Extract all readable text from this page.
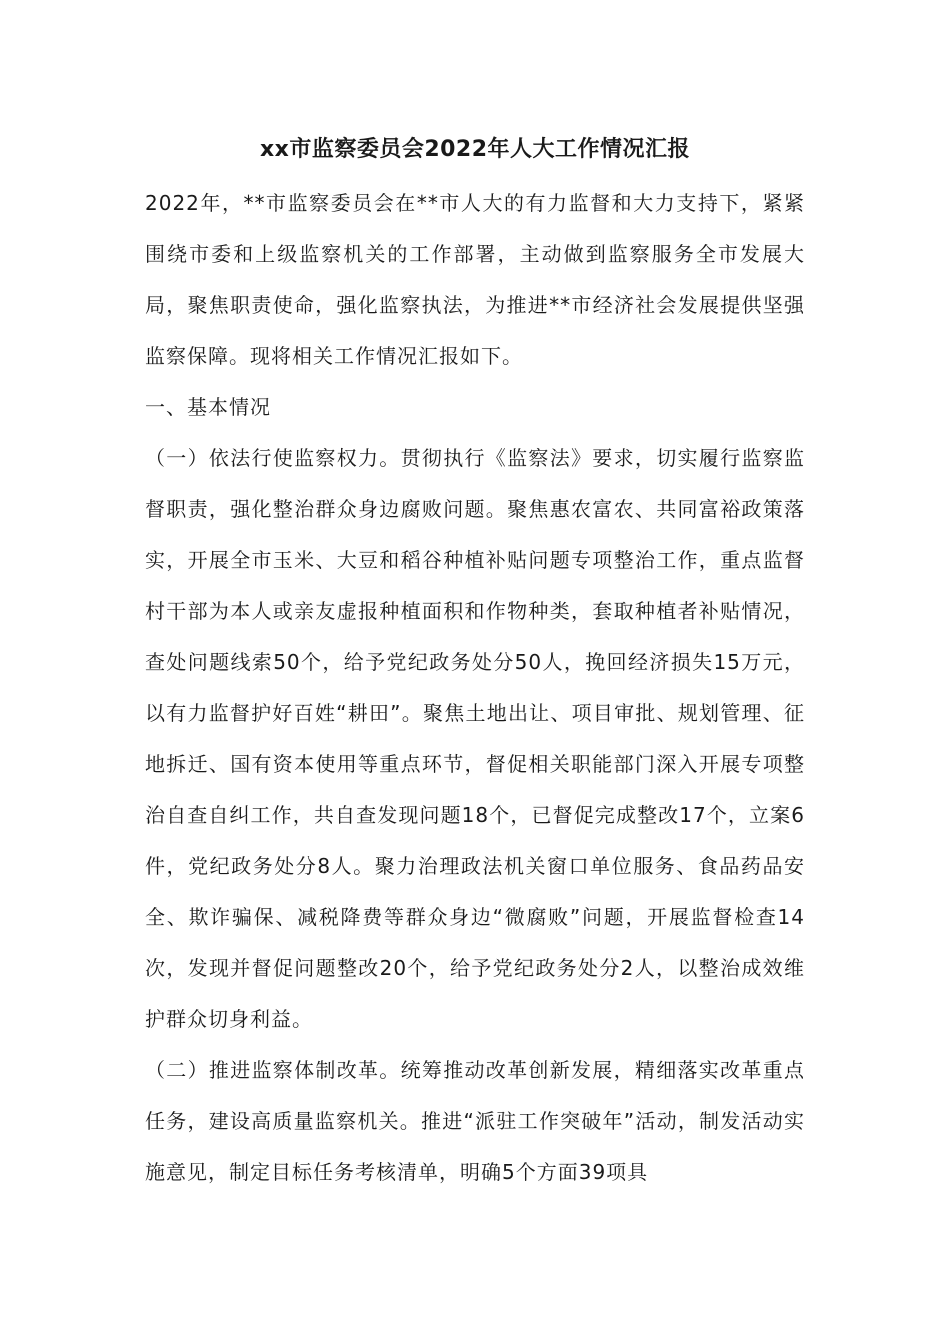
xx市监察委员会2022年人大工作情况汇报

2022年，**市监察委员会在**市人大的有力监督和大力支持下，紧紧围绕市委和上级监察机关的工作部署，主动做到监察服务全市发展大局，聚焦职责使命，强化监察执法，为推进**市经济社会发展提供坚强监察保障。现将相关工作情况汇报如下。

一、基本情况

（一）依法行使监察权力。贯彻执行《监察法》要求，切实履行监察监督职责，强化整治群众身边腐败问题。聚焦惠农富农、共同富裕政策落实，开展全市玉米、大豆和稻谷种植补贴问题专项整治工作，重点监督村干部为本人或亲友虚报种植面积和作物种类，套取种植者补贴情况，查处问题线索50个，给予党纪政务处分50人，挽回经济损失15万元，以有力监督护好百姓“耕田”。聚焦土地出让、项目审批、规划管理、征地拆迁、国有资本使用等重点环节，督促相关职能部门深入开展专项整治自查自纠工作，共自查发现问题18个，已督促完成整改17个，立案6件，党纪政务处分8人。聚力治理政法机关窗口单位服务、食品药品安全、欺诈骗保、减税降费等群众身边“微腐败”问题，开展监督检查14次，发现并督促问题整改20个，给予党纪政务处分2人，以整治成效维护群众切身利益。

（二）推进监察体制改革。统筹推动改革创新发展，精细落实改革重点任务，建设高质量监察机关。推进“派驻工作突破年”活动，制发活动实施意见，制定目标任务考核清单，明确5个方面39项具
